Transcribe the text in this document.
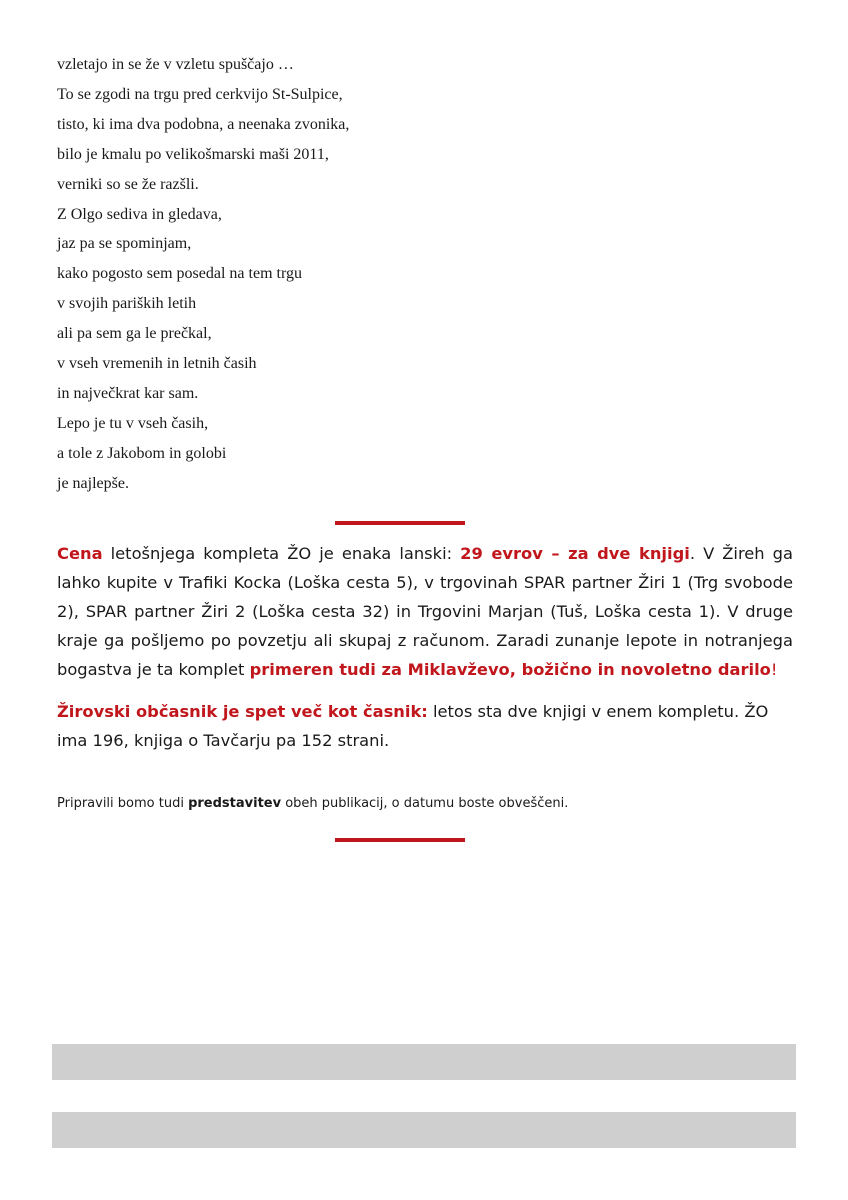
vzletajo in se že v vzletu spuščajo …
To se zgodi na trgu pred cerkvijo St-Sulpice,
tisto, ki ima dva podobna, a neenaka zvonika,
bilo je kmalu po velikošmarski maši 2011,
verniki so se že razšli.
Z Olgo sediva in gledava,
jaz pa se spominjam,
kako pogosto sem posedal na tem trgu
v svojih pariških letih
ali pa sem ga le prečkal,
v vseh vremenih in letnih časih
in največkrat kar sam.
Lepo je tu v vseh časih,
a tole z Jakobom in golobi
je najlepše.

Cena letošnjega kompleta ŽO je enaka lanski: 29 evrov – za dve knjigi. V Žireh ga lahko kupite v Trafiki Kocka (Loška cesta 5), v trgovinah SPAR partner Žiri 1 (Trg svobode 2), SPAR partner Žiri 2 (Loška cesta 32) in Trgovini Marjan (Tuš, Loška cesta 1). V druge kraje ga pošljemo po povzetju ali skupaj z računom. Zaradi zunanje lepote in notranjega bogastva je ta komplet primeren tudi za Miklavževo, božično in novoletno darilo!

Žirovski občasnik je spet več kot časnik: letos sta dve knjigi v enem kompletu. ŽO ima 196, knjiga o Tavčarju pa 152 strani.

Pripravili bomo tudi predstavitev obeh publikacij, o datumu boste obveščeni.
